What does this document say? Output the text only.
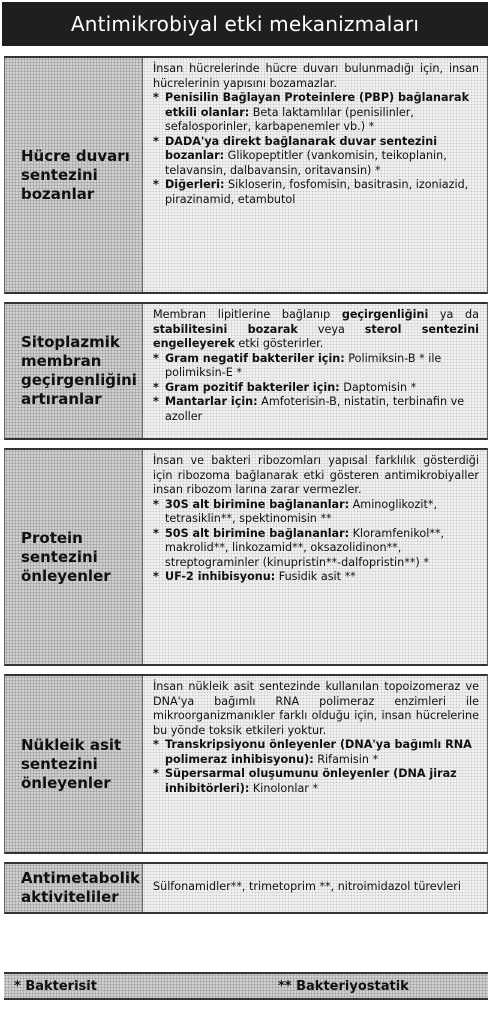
Antimikrobiyal etki mekanizmaları
Hücre duvarı sentezini bozanlar

İnsan hücrelerinde hücre duvarı bulunmadığı için, insan hücrelerinin yapısını bozamazlar.

* Penisilin Bağlayan Proteinlere (PBP) bağlanarak etkili olanlar: Beta laktamlılar (penisilinler, sefalosporinler, karbapenemler vb.) *

* DADA'ya direkt bağlanarak duvar sentezini bozanlar: Glikopeptitler (vankomisin, teikoplanin, telavansin, dalbavansin, oritavansin) *

* Diğerleri: Sikloserin, fosfomisin, basitrasin, izoniazid, pirazinamid, etambutol

Sitoplazmik membran geçirgenliğini artıranlar

Membran lipitlerine bağlanıp geçirgenliğini ya da stabilitesini bozarak veya sterol sentezini engelleyerek etki gösterirler.

* Gram negatif bakteriler için: Polimiksin-B * ile polimiksin-E *

* Gram pozitif bakteriler için: Daptomisin *

* Mantarlar için: Amfoterisin-B, nistatin, terbinafin ve azoller

Protein sentezini önleyenler

İnsan ve bakteri ribozomları yapısal farklılık gösterdiği için ribozoma bağlanarak etki gösteren antimikrobiyaller insan ribozom larına zarar vermezler.

* 30S alt birimine bağlananlar: Aminoglikozit*, tetrasiklin**, spektinomisin **

* 50S alt birimine bağlananlar: Kloramfenikol**, makrolid**, linkozamid**, oksazolidinon**, streptograminler (kinupristin**-dalfopristin**) *

* UF-2 inhibisyonu: Fusidik asit **

Nükleik asit sentezini önleyenler

İnsan nükleik asit sentezinde kullanılan topoizomeraz ve DNA'ya bağımlı RNA polimeraz enzimleri ile mikroorganizmanıkler farklı olduğu için, insan hücrelerine bu yönde toksik etkileri yoktur.

* Transkripsiyonu önleyenler (DNA'ya bağımlı RNA polimeraz inhibisyonu): Rifamisin *

* Süpersarmal oluşumunu önleyenler (DNA jiraz inhibitörleri): Kinolonlar *

Antimetabolik aktiviteliler

Sülfonamidler**, trimetoprim **, nitroimidazol türevleri

* Bakterisit	** Bakteriyostatik
